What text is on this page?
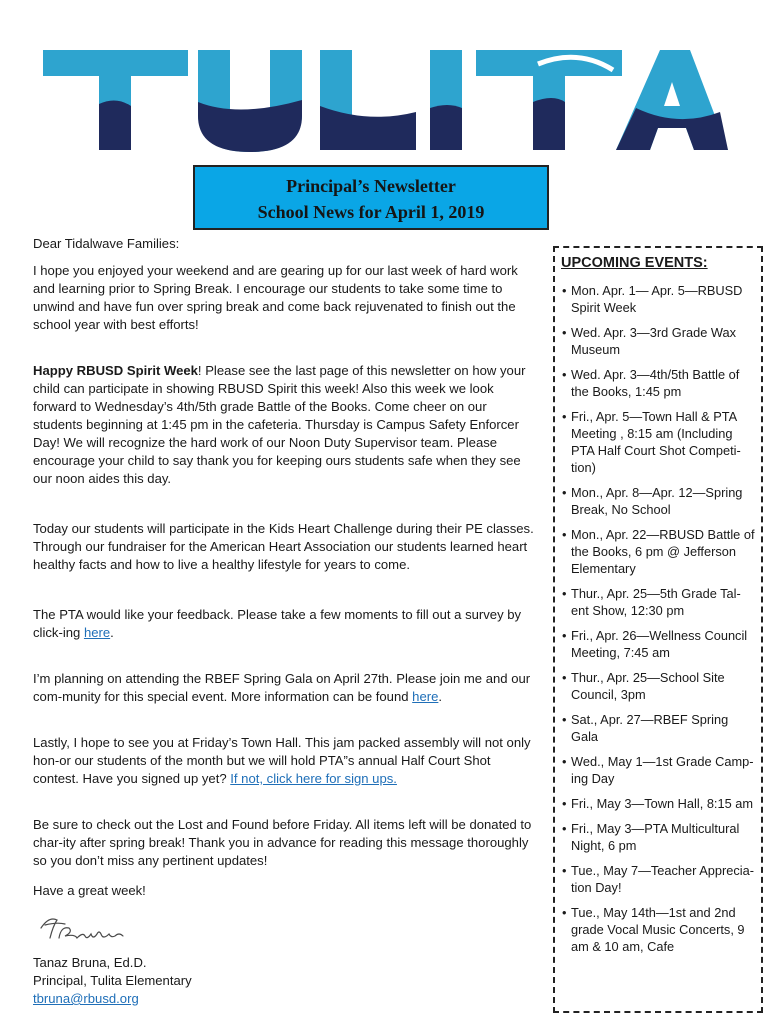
Principal’s Newsletter
School News for April 1, 2019

Dear Tidalwave Families:

I hope you enjoyed your weekend and are gearing up for our last week of hard work and learning prior to Spring Break. I encourage our students to take some time to unwind and have fun over spring break and come back rejuvenated to finish out the school year with best efforts!

Happy RBUSD Spirit Week! Please see the last page of this newsletter on how your child can participate in showing RBUSD Spirit this week! Also this week we look forward to Wednesday’s 4th/5th grade Battle of the Books. Come cheer on our students beginning at 1:45 pm in the cafeteria. Thursday is Campus Safety Enforcer Day! We will recognize the hard work of our Noon Duty Supervisor team. Please encourage your child to say thank you for keeping ours students safe when they see our noon aides this day.

Today our students will participate in the Kids Heart Challenge during their PE classes. Through our fundraiser for the American Heart Association our students learned heart healthy facts and how to live a healthy lifestyle for years to come.

The PTA would like your feedback. Please take a few moments to fill out a survey by click-ing here.

I’m planning on attending the RBEF Spring Gala on April 27th. Please join me and our com-munity for this special event. More information can be found here.

Lastly, I hope to see you at Friday’s Town Hall. This jam packed assembly will not only hon-or our students of the month but we will hold PTA”s annual Half Court Shot contest. Have you signed up yet? If not, click here for sign ups.

Be sure to check out the Lost and Found before Friday. All items left will be donated to char-ity after spring break! Thank you in advance for reading this message thoroughly so you don’t miss any pertinent updates!

Have a great week!

Tanaz Bruna, Ed.D.

Principal, Tulita Elementary

tbruna@rbusd.org

UPCOMING EVENTS:
• Mon. Apr. 1— Apr. 5—RBUSD Spirit Week
• Wed. Apr. 3—3rd Grade Wax Museum
• Wed. Apr. 3—4th/5th Battle of the Books, 1:45 pm
• Fri., Apr. 5—Town Hall & PTA Meeting , 8:15 am (Including PTA Half Court Shot Competi-tion)
• Mon., Apr. 8—Apr. 12—Spring Break, No School
• Mon., Apr. 22—RBUSD Battle of the Books, 6 pm @ Jefferson Elementary
• Thur., Apr. 25—5th Grade Tal-ent Show, 12:30 pm
• Fri., Apr. 26—Wellness Council Meeting, 7:45 am
• Thur., Apr. 25—School Site Council, 3pm
• Sat., Apr. 27—RBEF Spring Gala
• Wed., May 1—1st Grade Camp-ing Day
• Fri., May 3—Town Hall, 8:15 am
• Fri., May 3—PTA Multicultural Night, 6 pm
• Tue., May 7—Teacher Apprecia-tion Day!
• Tue., May 14th—1st and 2nd grade Vocal Music Concerts, 9 am & 10 am, Cafe
